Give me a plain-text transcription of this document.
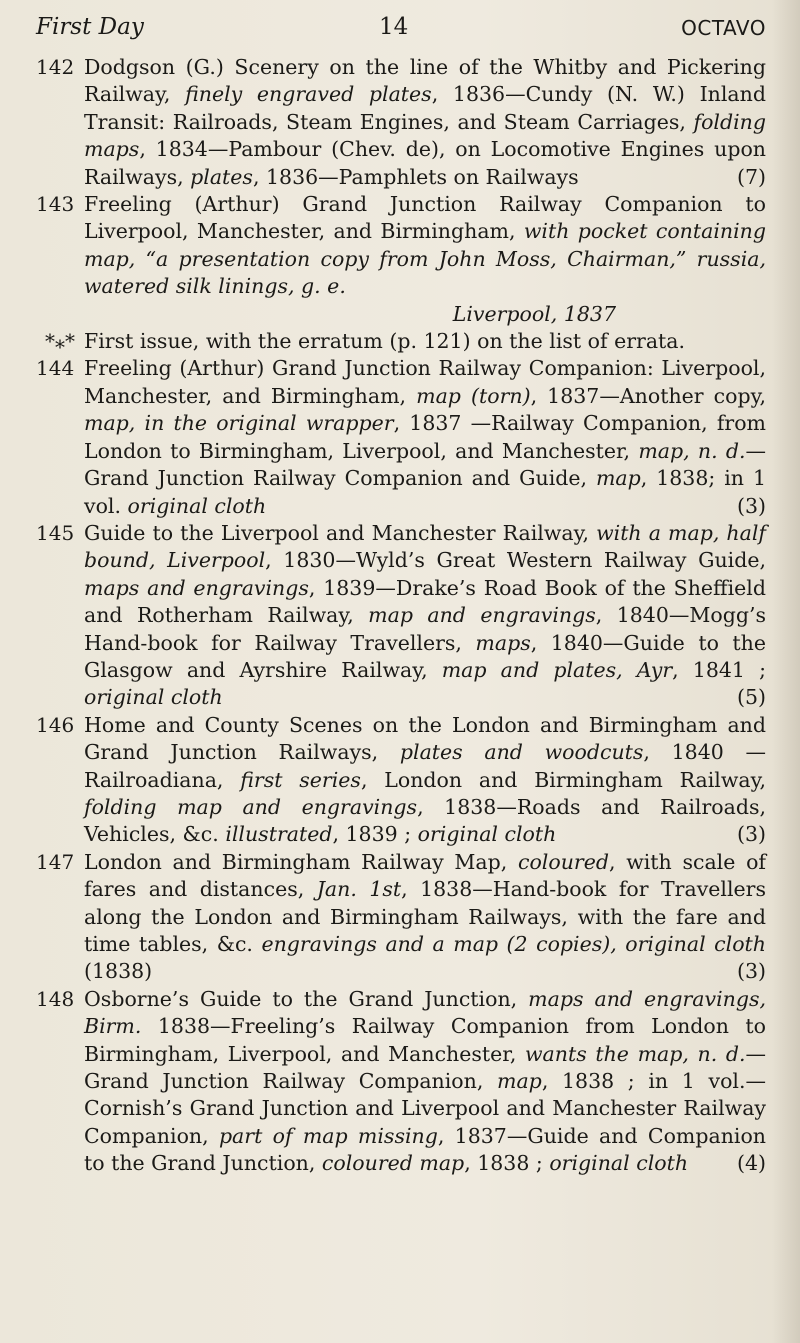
First Day	14	OCTAVO
142 Dodgson (G.) Scenery on the line of the Whitby and Pickering Railway, finely engraved plates, 1836—Cundy (N. W.) Inland Transit: Railroads, Steam Engines, and Steam Carriages, folding maps, 1834—Pambour (Chev. de), on Locomotive Engines upon Railways, plates, 1836—Pamphlets on Railways	(7)
143 Freeling (Arthur) Grand Junction Railway Companion to Liverpool, Manchester, and Birmingham, with pocket containing map, “a presentation copy from John Moss, Chairman,” russia, watered silk linings, g. e.
Liverpool, 1837
*⁎* First issue, with the erratum (p. 121) on the list of errata.
144 Freeling (Arthur) Grand Junction Railway Companion: Liverpool, Manchester, and Birmingham, map (torn), 1837—Another copy, map, in the original wrapper, 1837 —Railway Companion, from London to Birmingham, Liverpool, and Manchester, map, n. d.—Grand Junction Railway Companion and Guide, map, 1838; in 1 vol. original cloth	(3)
145 Guide to the Liverpool and Manchester Railway, with a map, half bound, Liverpool, 1830—Wyld’s Great Western Railway Guide, maps and engravings, 1839—Drake’s Road Book of the Sheffield and Rotherham Railway, map and engravings, 1840—Mogg’s Hand-book for Railway Travellers, maps, 1840—Guide to the Glasgow and Ayrshire Railway, map and plates, Ayr, 1841 ; original cloth	(5)
146 Home and County Scenes on the London and Birmingham and Grand Junction Railways, plates and woodcuts, 1840 —Railroadiana, first series, London and Birmingham Railway, folding map and engravings, 1838—Roads and Railroads, Vehicles, &c. illustrated, 1839 ; original cloth	(3)
147 London and Birmingham Railway Map, coloured, with scale of fares and distances, Jan. 1st, 1838—Hand-book for Travellers along the London and Birmingham Railways, with the fare and time tables, &c. engravings and a map (2 copies), original cloth (1838)	(3)
148 Osborne’s Guide to the Grand Junction, maps and engravings, Birm. 1838—Freeling’s Railway Companion from London to Birmingham, Liverpool, and Manchester, wants the map, n. d.—Grand Junction Railway Companion, map, 1838 ; in 1 vol.—Cornish’s Grand Junction and Liverpool and Manchester Railway Companion, part of map missing, 1837—Guide and Companion to the Grand Junction, coloured map, 1838 ; original cloth (4)
